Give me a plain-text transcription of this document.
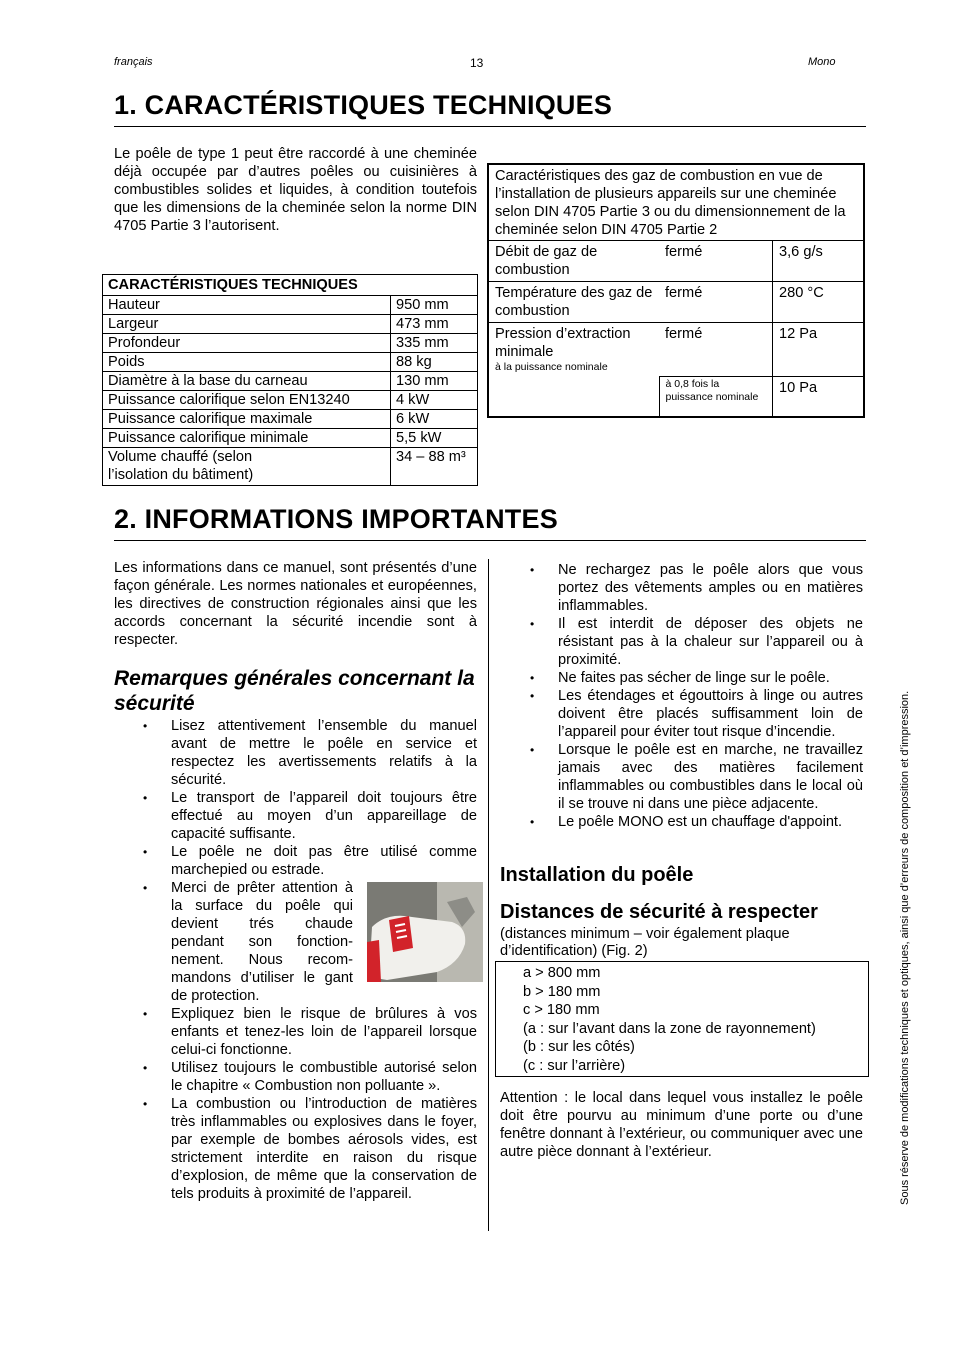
français	13	Mono
1. CARACTÉRISTIQUES TECHNIQUES
Le poêle de type 1 peut être raccordé à une cheminée déjà occupée par d’autres poêles ou cuisinières à combustibles solides et liquides, à condition toutefois que les dimensions de la cheminée selon la norme DIN 4705 Partie 3 l’autorisent.
CARACTÉRISTIQUES TECHNIQUES	
Hauteur	950 mm
Largeur	473 mm
Profondeur	335 mm
Poids	88 kg
Diamètre à la base du carneau	130 mm
Puissance calorifique selon EN13240	4 kW
Puissance calorifique maximale	6 kW
Puissance calorifique minimale	5,5 kW
Volume chauffé (selon l’isolation du bâtiment)	34 – 88 m³
Caractéristiques des gaz de combustion en vue de l’installation de plusieurs appareils sur une cheminée selon DIN 4705 Partie 3 ou du dimensionnement de la cheminée selon DIN 4705 Partie 2		
Débit de gaz de combustion	fermé	3,6 g/s
Température des gaz de combustion	fermé	280 °C

Pression d’extraction minimale
à la puissance nominale	fermé	12 Pa
	à 0,8 fois la puissance nominale	10 Pa
2. INFORMATIONS IMPORTANTES
Les informations dans ce manuel, sont présentés d’une façon générale. Les normes nationales et européennes, les directives de construction régionales ainsi que les accords concernant la sécurité incendie sont à respecter.
Remarques générales concernant la sécurité
• Lisez attentivement l’ensemble du manuel avant de mettre le poêle en service et respectez les avertissements relatifs à la sécurité.
• Le transport de l’appareil doit toujours être effectué au moyen d’un appareillage de capacité suffisante.
• Le poêle ne doit pas être utilisé comme marchepied ou estrade.
• Merci de prêter attention à la surface du poêle qui devient trés chaude pendant son fonction-nement. Nous recom-mandons d’utiliser le gant de protection.
• Expliquez bien le risque de brûlures à vos enfants et tenez-les loin de l’appareil lorsque celui-ci fonctionne.
• Utilisez toujours le combustible autorisé selon le chapitre « Combustion non polluante ».
• La combustion ou l’introduction de matières très inflammables ou explosives dans le foyer, par exemple de bombes aérosols vides, est strictement interdite en raison du risque d’explosion, de même que la conservation de tels produits à proximité de l’appareil.
• Ne rechargez pas le poêle alors que vous portez des vêtements amples ou en matières inflammables.
• Il est interdit de déposer des objets ne résistant pas à la chaleur sur l’appareil ou à proximité.
• Ne faites pas sécher de linge sur le poêle.
• Les étendages et égouttoirs à linge ou autres doivent être placés suffisamment loin de l’appareil pour éviter tout risque d’incendie.
• Lorsque le poêle est en marche, ne travaillez jamais avec des matières facilement inflammables ou combustibles dans le local où il se trouve ni dans une pièce adjacente.
• Le poêle MONO est un chauffage d'appoint.
Installation du poêle
Distances de sécurité à respecter
(distances minimum – voir également plaque d’identification) (Fig. 2)
a > 800 mm
b > 180 mm
c > 180 mm
(a : sur l’avant dans la zone de rayonnement)
(b : sur les côtés)
(c : sur l’arrière)
Attention : le local dans lequel vous installez le poêle doit être pourvu au minimum d’une porte ou d’une fenêtre donnant à l’extérieur, ou communiquer avec une autre pièce donnant à l’extérieur.	Sous réserve de modifications techniques et optiques, ainsi que d’erreurs de composition et d’impression.
